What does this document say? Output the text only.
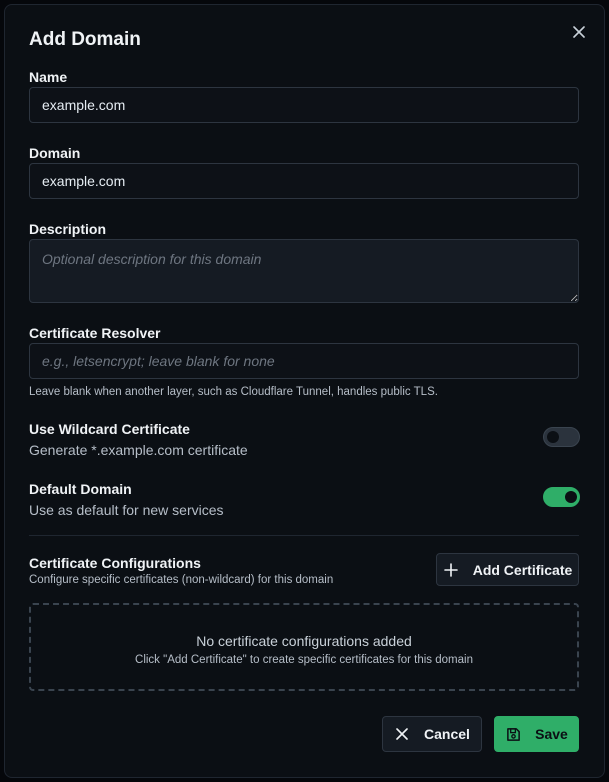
Add Domain
Name
example.com
Domain
example.com
Description
Optional description for this domain
Certificate Resolver
e.g., letsencrypt; leave blank for none
Leave blank when another layer, such as Cloudflare Tunnel, handles public TLS.
Use Wildcard Certificate
Generate *.example.com certificate
Default Domain
Use as default for new services
Certificate Configurations
Configure specific certificates (non-wildcard) for this domain
Add Certificate
No certificate configurations added
Click "Add Certificate" to create specific certificates for this domain
Cancel	Save
